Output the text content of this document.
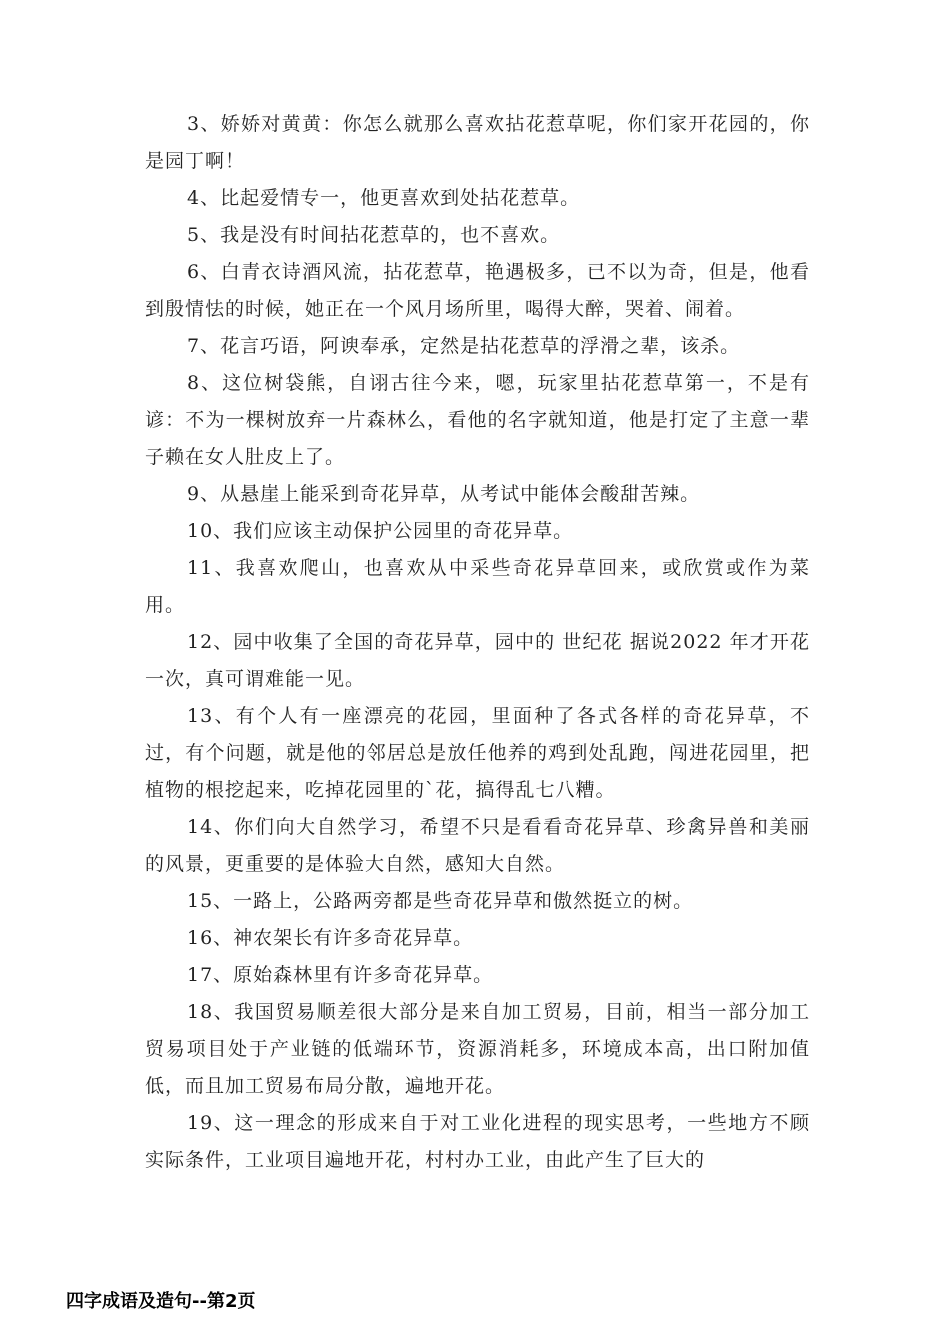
3、娇娇对黄黄：你怎么就那么喜欢拈花惹草呢，你们家开花园的，你是园丁啊！

4、比起爱情专一，他更喜欢到处拈花惹草。

5、我是没有时间拈花惹草的，也不喜欢。

6、白青衣诗酒风流，拈花惹草，艳遇极多，已不以为奇，但是，他看到殷情怯的时候，她正在一个风月场所里，喝得大醉，哭着、闹着。

7、花言巧语，阿谀奉承，定然是拈花惹草的浮滑之辈，该杀。

8、这位树袋熊，自诩古往今来，嗯，玩家里拈花惹草第一，不是有谚：不为一棵树放弃一片森林么，看他的名字就知道，他是打定了主意一辈子赖在女人肚皮上了。

9、从悬崖上能采到奇花异草，从考试中能体会酸甜苦辣。

10、我们应该主动保护公园里的奇花异草。

11、我喜欢爬山，也喜欢从中采些奇花异草回来，或欣赏或作为菜用。

12、园中收集了全国的奇花异草，园中的 世纪花 据说2022 年才开花一次，真可谓难能一见。

13、有个人有一座漂亮的花园，里面种了各式各样的奇花异草，不过，有个问题，就是他的邻居总是放任他养的鸡到处乱跑，闯进花园里，把植物的根挖起来，吃掉花园里的`花，搞得乱七八糟。

14、你们向大自然学习，希望不只是看看奇花异草、珍禽异兽和美丽的风景，更重要的是体验大自然，感知大自然。

15、一路上，公路两旁都是些奇花异草和傲然挺立的树。

16、神农架长有许多奇花异草。

17、原始森林里有许多奇花异草。

18、我国贸易顺差很大部分是来自加工贸易，目前，相当一部分加工贸易项目处于产业链的低端环节，资源消耗多，环境成本高，出口附加值低，而且加工贸易布局分散，遍地开花。

19、这一理念的形成来自于对工业化进程的现实思考，一些地方不顾实际条件，工业项目遍地开花，村村办工业，由此产生了巨大的

四字成语及造句--第2页
